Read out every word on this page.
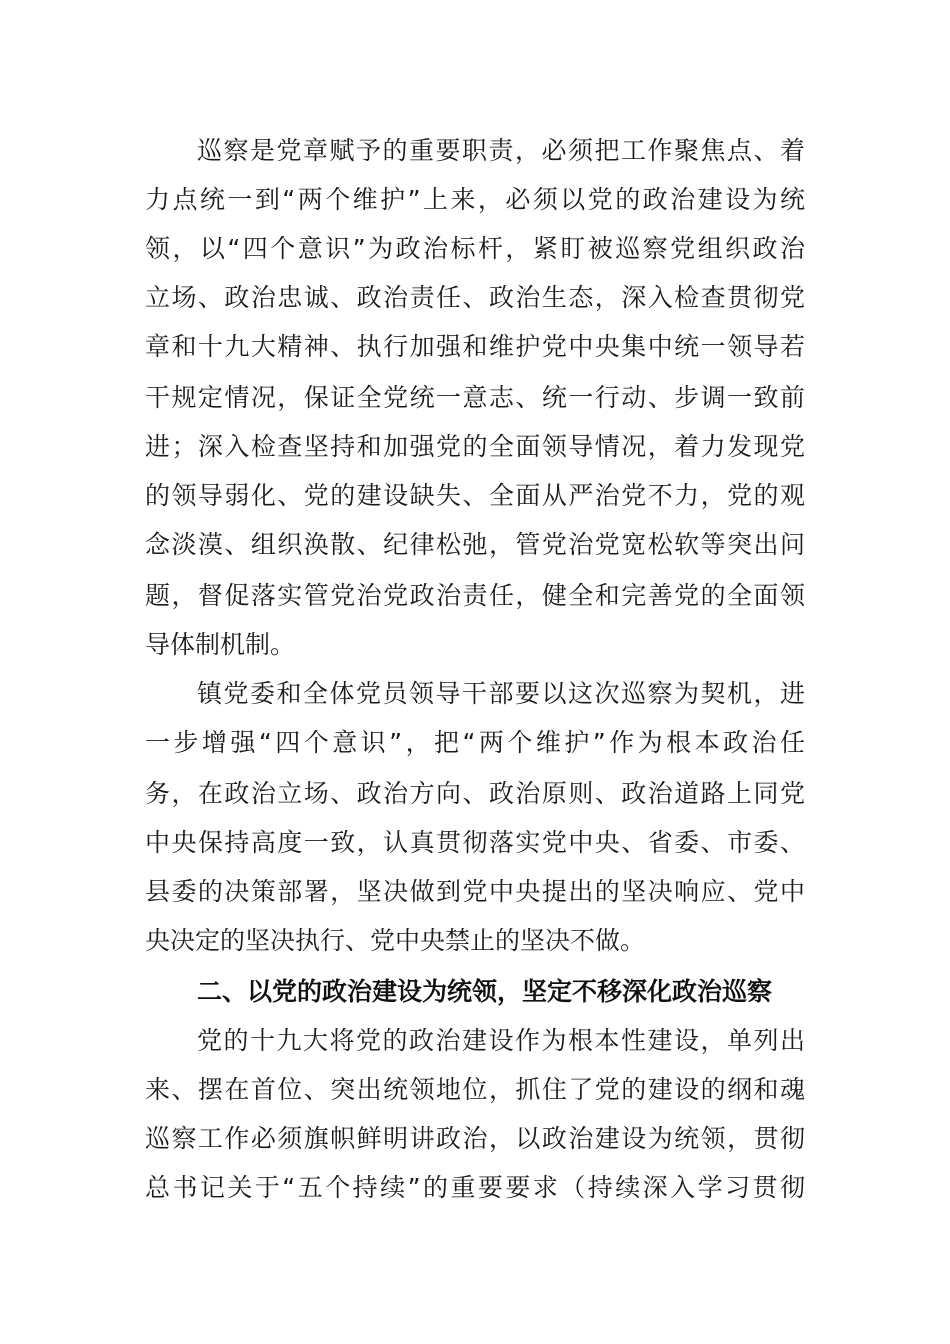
巡察是党章赋予的重要职责，必须把工作聚焦点、着
力点统一到“两个维护”上来，必须以党的政治建设为统
领，以“四个意识”为政治标杆，紧盯被巡察党组织政治
立场、政治忠诚、政治责任、政治生态，深入检查贯彻党
章和十九大精神、执行加强和维护党中央集中统一领导若
干规定情况，保证全党统一意志、统一行动、步调一致前
进；深入检查坚持和加强党的全面领导情况，着力发现党
的领导弱化、党的建设缺失、全面从严治党不力，党的观
念淡漠、组织涣散、纪律松弛，管党治党宽松软等突出问
题，督促落实管党治党政治责任，健全和完善党的全面领
导体制机制。
镇党委和全体党员领导干部要以这次巡察为契机，进
一步增强“四个意识”，把“两个维护”作为根本政治任
务，在政治立场、政治方向、政治原则、政治道路上同党
中央保持高度一致，认真贯彻落实党中央、省委、市委、
县委的决策部署，坚决做到党中央提出的坚决响应、党中
央决定的坚决执行、党中央禁止的坚决不做。
二、以党的政治建设为统领，坚定不移深化政治巡察
党的十九大将党的政治建设作为根本性建设，单列出
来、摆在首位、突出统领地位，抓住了党的建设的纲和魂
巡察工作必须旗帜鲜明讲政治，以政治建设为统领，贯彻
总书记关于“五个持续”的重要要求（持续深入学习贯彻
